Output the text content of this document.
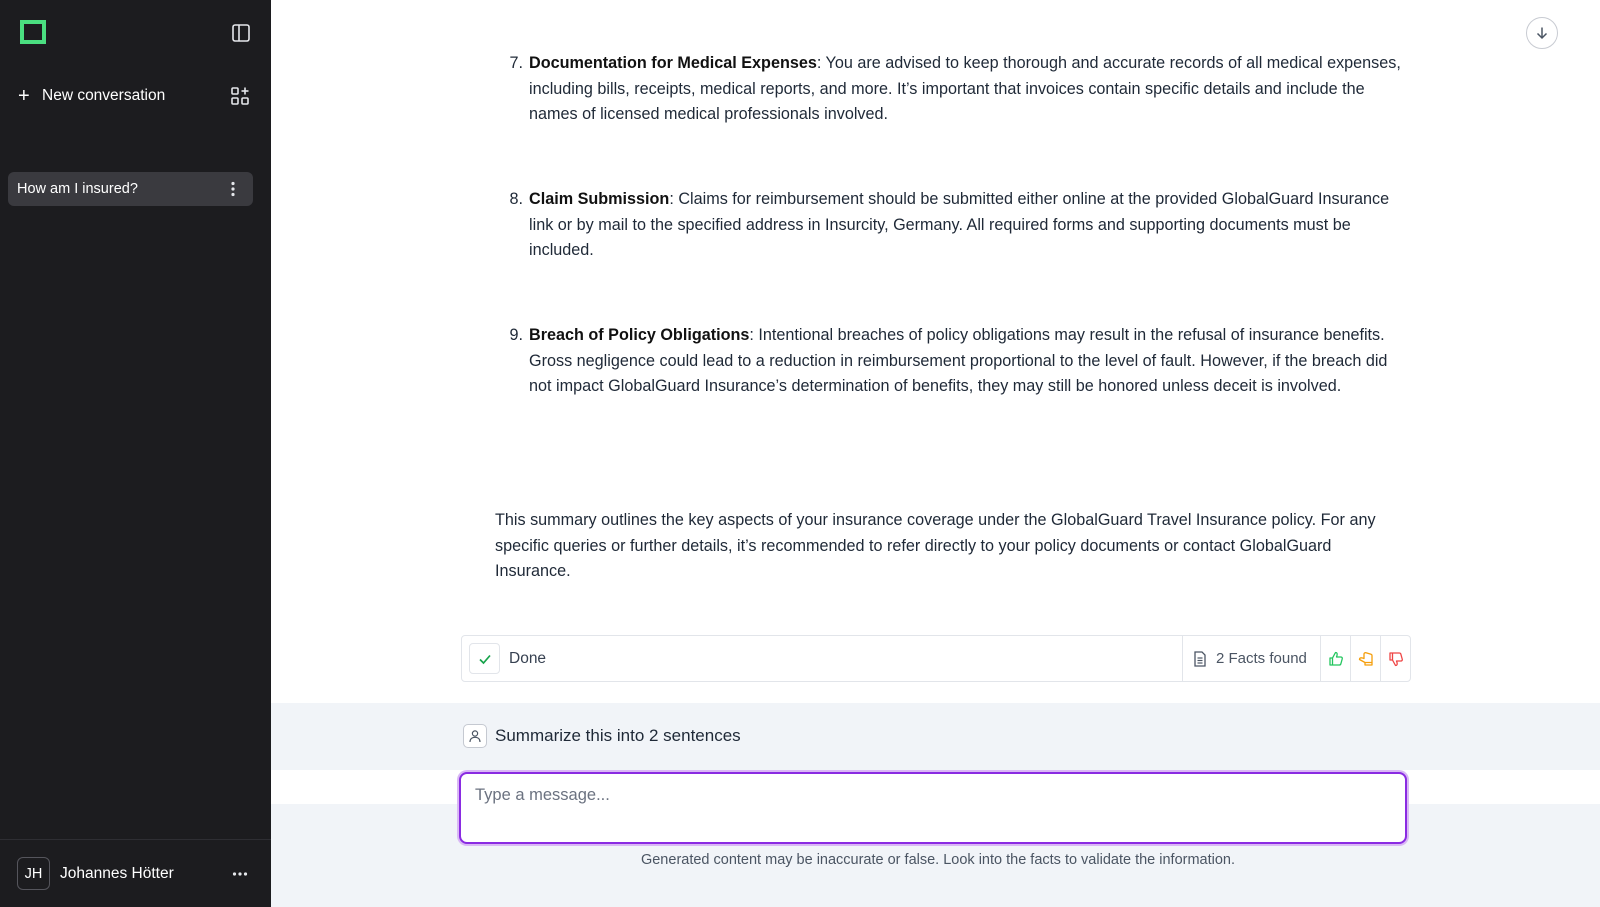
+ New conversation
How am I insured?
JH	Johannes Hötter
7. Documentation for Medical Expenses: You are advised to keep thorough and accurate records of all medical expenses, including bills, receipts, medical reports, and more. It’s important that invoices contain specific details and include the names of licensed medical professionals involved.
8. Claim Submission: Claims for reimbursement should be submitted either online at the provided GlobalGuard Insurance link or by mail to the specified address in Insurcity, Germany. All required forms and supporting documents must be included.
9. Breach of Policy Obligations: Intentional breaches of policy obligations may result in the refusal of insurance benefits. Gross negligence could lead to a reduction in reimbursement proportional to the level of fault. However, if the breach did not impact GlobalGuard Insurance’s determination of benefits, they may still be honored unless deceit is involved.

This summary outlines the key aspects of your insurance coverage under the GlobalGuard Travel Insurance policy. For any specific queries or further details, it’s recommended to refer directly to your policy documents or contact GlobalGuard Insurance.

Done	2 Facts found
Summarize this into 2 sentences
Type a message...
Generated content may be inaccurate or false. Look into the facts to validate the information.
